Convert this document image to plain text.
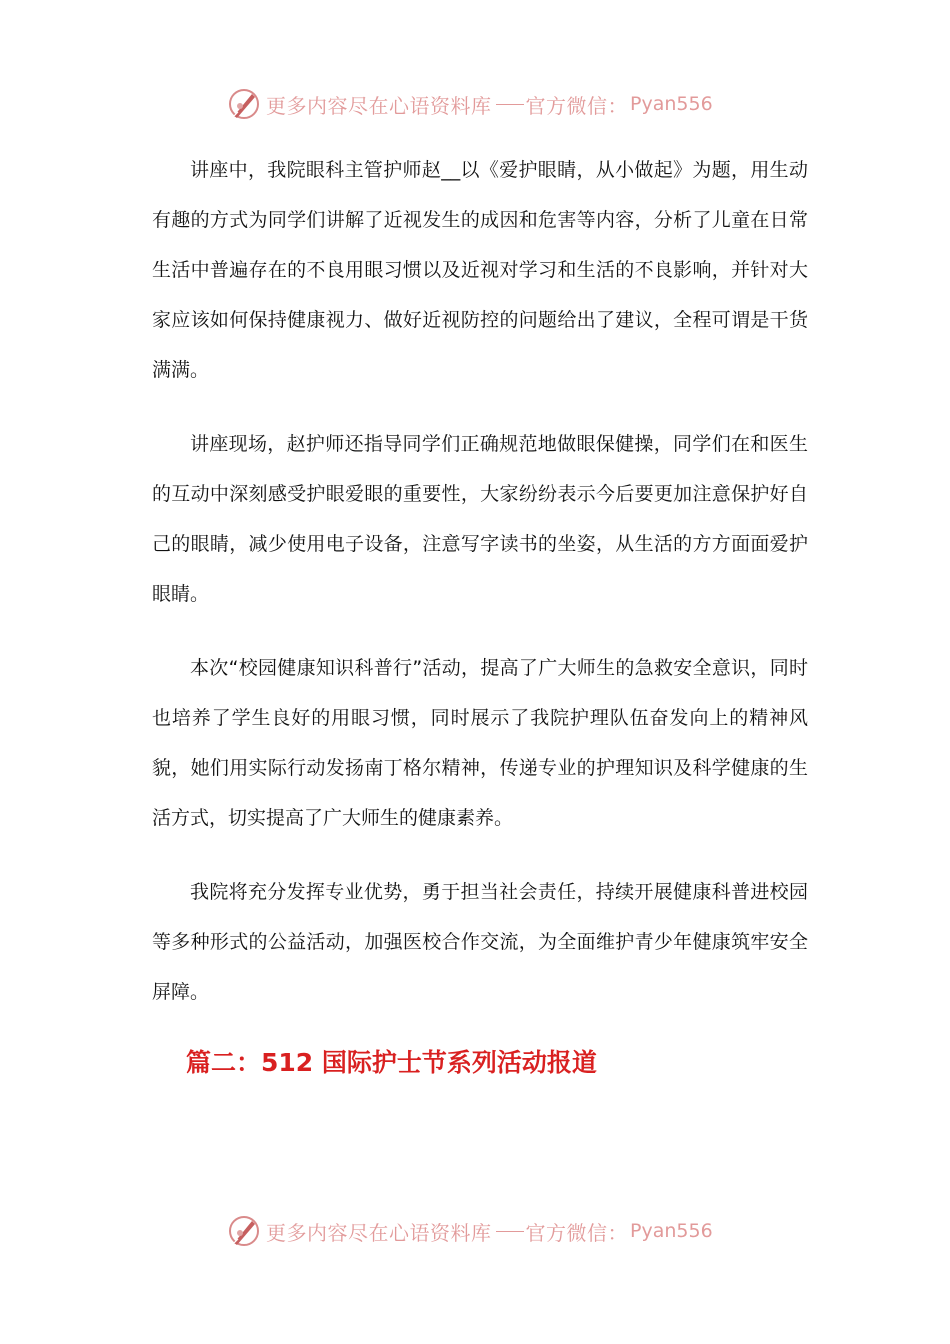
更多内容尽在心语资料库 官方微信： Pyan556

讲座中，我院眼科主管护师赵__以《爱护眼睛，从小做起》为题，用生动有趣的方式为同学们讲解了近视发生的成因和危害等内容，分析了儿童在日常生活中普遍存在的不良用眼习惯以及近视对学习和生活的不良影响，并针对大家应该如何保持健康视力、做好近视防控的问题给出了建议，全程可谓是干货满满。

讲座现场，赵护师还指导同学们正确规范地做眼保健操，同学们在和医生的互动中深刻感受护眼爱眼的重要性，大家纷纷表示今后要更加注意保护好自己的眼睛，减少使用电子设备，注意写字读书的坐姿，从生活的方方面面爱护眼睛。

本次“校园健康知识科普行”活动，提高了广大师生的急救安全意识，同时也培养了学生良好的用眼习惯，同时展示了我院护理队伍奋发向上的精神风貌，她们用实际行动发扬南丁格尔精神，传递专业的护理知识及科学健康的生活方式，切实提高了广大师生的健康素养。

我院将充分发挥专业优势，勇于担当社会责任，持续开展健康科普进校园等多种形式的公益活动，加强医校合作交流，为全面维护青少年健康筑牢安全屏障。

篇二：512 国际护士节系列活动报道
更多内容尽在心语资料库 官方微信： Pyan556
